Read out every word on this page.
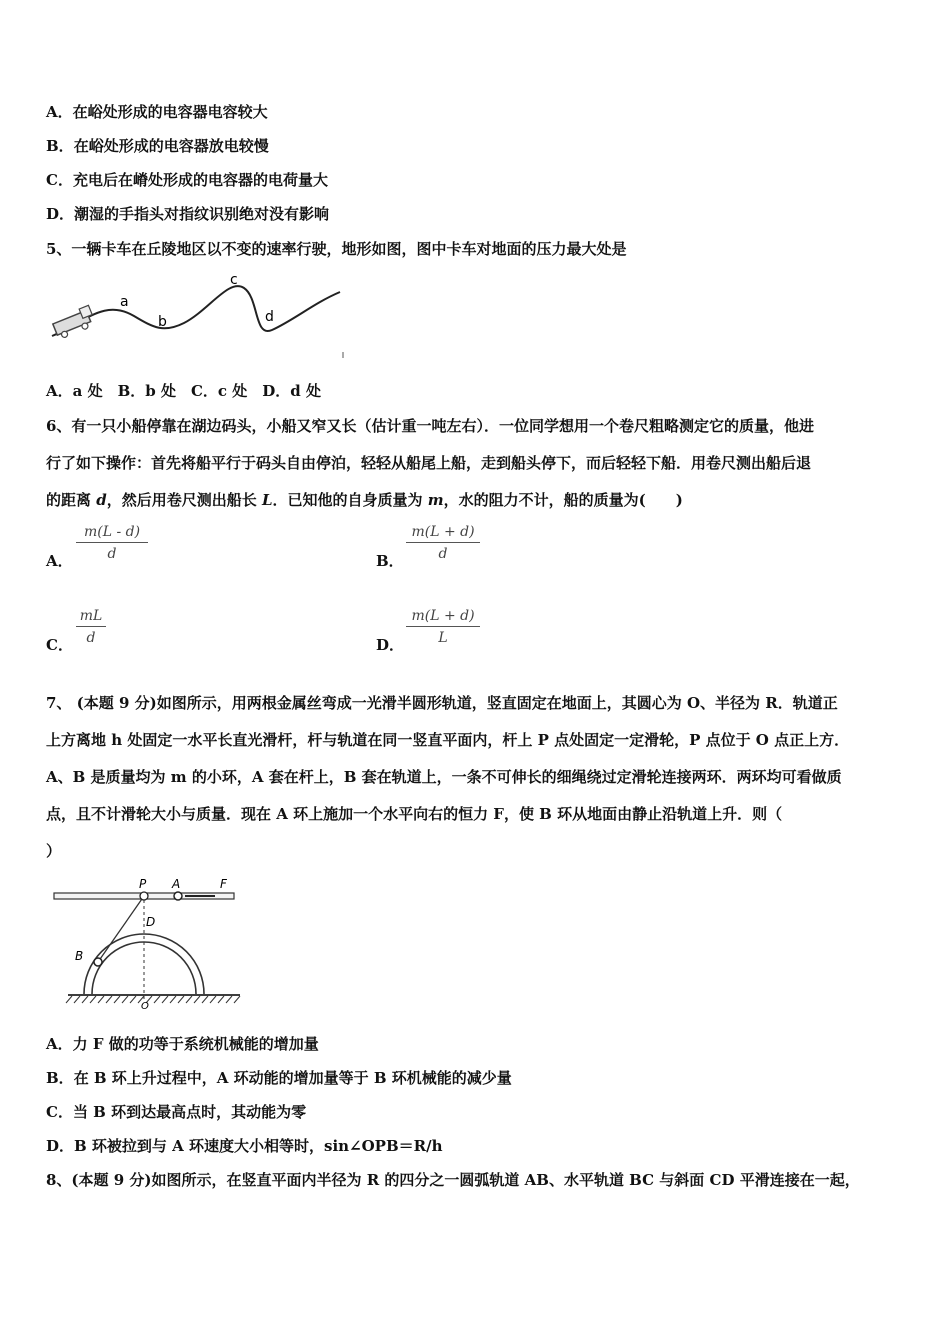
A．在峪处形成的电容器电容较大
B．在峪处形成的电容器放电较慢
C．充电后在嵴处形成的电容器的电荷量大
D．潮湿的手指头对指纹识别绝对没有影响
5、一辆卡车在丘陵地区以不变的速率行驶，地形如图，图中卡车对地面的压力最大处是
a
b
c
d
A．a 处　B．b 处　C．c 处　D．d 处
6、有一只小船停靠在湖边码头，小船又窄又长（估计重一吨左右）．一位同学想用一个卷尺粗略测定它的质量，他进
行了如下操作：首先将船平行于码头自由停泊，轻轻从船尾上船，走到船头停下，而后轻轻下船．用卷尺测出船后退
的距离 d，然后用卷尺测出船长 L．已知他的自身质量为 m，水的阻力不计，船的质量为(　　)
A． $\frac{m(L - d)}{d}$	B． $\frac{m(L + d)}{d}$
C． $\frac{mL}{d}$	D． $\frac{m(L + d)}{L}$
7、 (本题 9 分)如图所示，用两根金属丝弯成一光滑半圆形轨道，竖直固定在地面上，其圆心为 O、半径为 R．轨道正
上方离地 h 处固定一水平长直光滑杆，杆与轨道在同一竖直平面内，杆上 P 点处固定一定滑轮，P 点位于 O 点正上方．
A、B 是质量均为 m 的小环，A 套在杆上，B 套在轨道上，一条不可伸长的细绳绕过定滑轮连接两环．两环均可看做质
点，且不计滑轮大小与质量．现在 A 环上施加一个水平向右的恒力 F，使 B 环从地面由静止沿轨道上升．则（
）
P A	F
D
B
O
A．力 F 做的功等于系统机械能的增加量
B．在 B 环上升过程中，A 环动能的增加量等于 B 环机械能的减少量
C．当 B 环到达最高点时，其动能为零
D．B 环被拉到与 A 环速度大小相等时，sin∠OPB＝R/h
8、(本题 9 分)如图所示，在竖直平面内半径为 R 的四分之一圆弧轨道 AB、水平轨道 BC 与斜面 CD 平滑连接在一起，
